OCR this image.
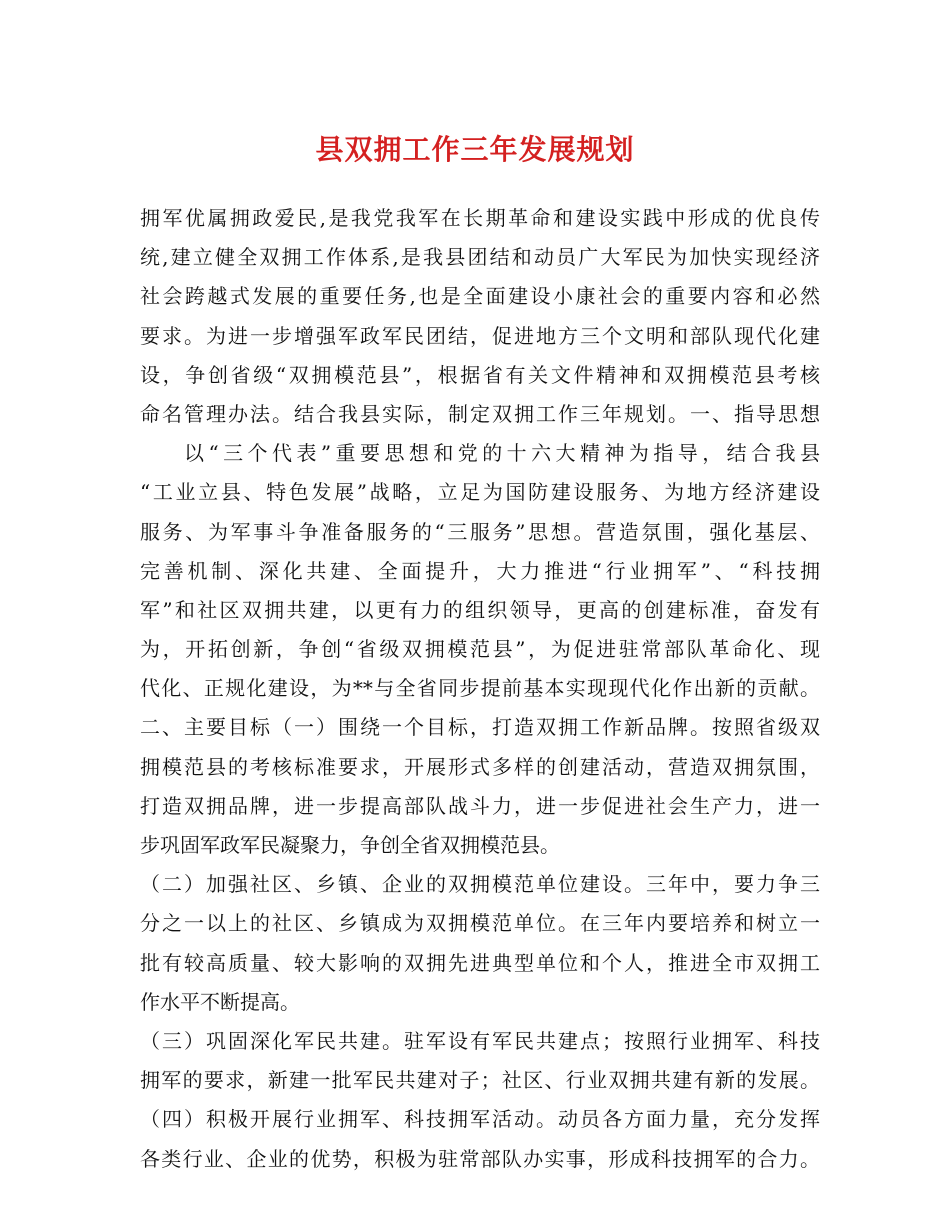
县双拥工作三年发展规划
拥军优属拥政爱民,是我党我军在长期革命和建设实践中形成的优良传
统,建立健全双拥工作体系,是我县团结和动员广大军民为加快实现经济
社会跨越式发展的重要任务,也是全面建设小康社会的重要内容和必然
要求。为进一步增强军政军民团结，促进地方三个文明和部队现代化建
设，争创省级“双拥模范县”，根据省有关文件精神和双拥模范县考核
命名管理办法。结合我县实际，制定双拥工作三年规划。一、指导思想
以“三个代表”重要思想和党的十六大精神为指导，结合我县
“工业立县、特色发展”战略，立足为国防建设服务、为地方经济建设
服务、为军事斗争准备服务的“三服务”思想。营造氛围，强化基层、
完善机制、深化共建、全面提升，大力推进“行业拥军”、“科技拥
军”和社区双拥共建，以更有力的组织领导，更高的创建标准，奋发有
为，开拓创新，争创“省级双拥模范县”，为促进驻常部队革命化、现
代化、正规化建设，为**与全省同步提前基本实现现代化作出新的贡献。
二、主要目标（一）围绕一个目标，打造双拥工作新品牌。按照省级双
拥模范县的考核标准要求，开展形式多样的创建活动，营造双拥氛围，
打造双拥品牌，进一步提高部队战斗力，进一步促进社会生产力，进一
步巩固军政军民凝聚力，争创全省双拥模范县。
（二）加强社区、乡镇、企业的双拥模范单位建设。三年中，要力争三
分之一以上的社区、乡镇成为双拥模范单位。在三年内要培养和树立一
批有较高质量、较大影响的双拥先进典型单位和个人，推进全市双拥工
作水平不断提高。
（三）巩固深化军民共建。驻军设有军民共建点；按照行业拥军、科技
拥军的要求，新建一批军民共建对子；社区、行业双拥共建有新的发展。
（四）积极开展行业拥军、科技拥军活动。动员各方面力量，充分发挥
各类行业、企业的优势，积极为驻常部队办实事，形成科技拥军的合力。
